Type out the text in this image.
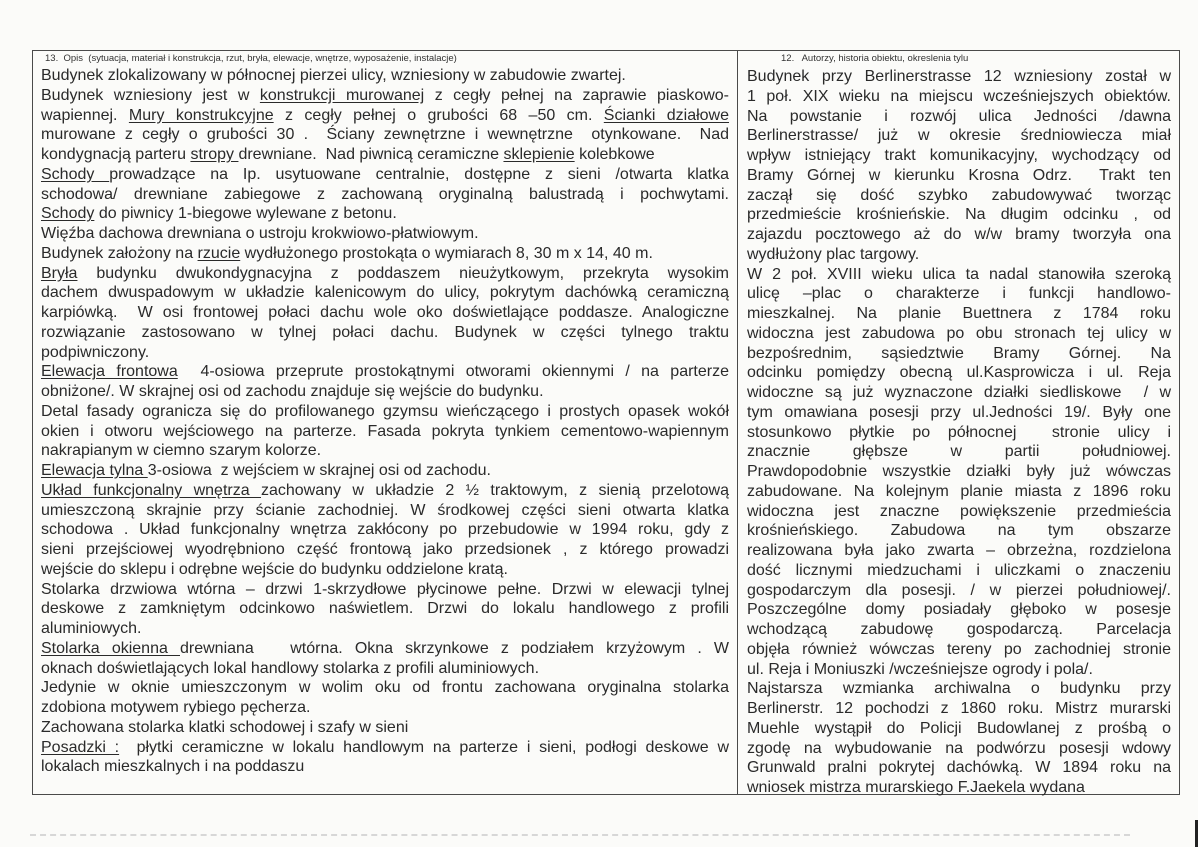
13.  Opis  (sytuacja, materiał i konstrukcja, rzut, bryła, elewacje, wnętrze, wyposażenie, instalacje)
Budynek zlokalizowany w północnej pierzei ulicy, wzniesiony w zabudowie zwartej.
Budynek wzniesiony jest w konstrukcji murowanej z cegły pełnej na zaprawie piaskowo-
wapiennej. Mury konstrukcyjne z cegły pełnej o grubości 68 –50 cm. Ścianki działowe
murowane z cegły o grubości 30 .  Ściany zewnętrzne i wewnętrzne  otynkowane.  Nad
kondygnacją parteru stropy drewniane.  Nad piwnicą ceramiczne sklepienie kolebkowe
Schody prowadzące na Ip. usytuowane centralnie, dostępne z sieni /otwarta klatka
schodowa/ drewniane zabiegowe z zachowaną oryginalną balustradą i pochwytami.
Schody do piwnicy 1-biegowe wylewane z betonu.
Więźba dachowa drewniana o ustroju krokwiowo-płatwiowym.
Budynek założony na rzucie wydłużonego prostokąta o wymiarach 8, 30 m x 14, 40 m.
Bryła budynku dwukondygnacyjna z poddaszem nieużytkowym, przekryta wysokim
dachem dwuspadowym w układzie kalenicowym do ulicy, pokrytym dachówką ceramiczną
karpiówką.  W osi frontowej połaci dachu wole oko doświetlające poddasze. Analogiczne
rozwiązanie zastosowano w tylnej połaci dachu. Budynek w części tylnego traktu
podpiwniczony.
Elewacja frontowa  4-osiowa przeprute prostokątnymi otworami okiennymi / na parterze
obniżone/. W skrajnej osi od zachodu znajduje się wejście do budynku.
Detal fasady ogranicza się do profilowanego gzymsu wieńczącego i prostych opasek wokół
okien i otworu wejściowego na parterze. Fasada pokryta tynkiem cementowo-wapiennym
nakrapianym w ciemno szarym kolorze.
Elewacja tylna 3-osiowa  z wejściem w skrajnej osi od zachodu.
Układ funkcjonalny wnętrza zachowany w układzie 2 ½ traktowym, z sienią przelotową
umieszczoną skrajnie przy ścianie zachodniej. W środkowej części sieni otwarta klatka
schodowa . Układ funkcjonalny wnętrza zakłócony po przebudowie w 1994 roku, gdy z
sieni przejściowej wyodrębniono część frontową jako przedsionek , z którego prowadzi
wejście do sklepu i odrębne wejście do budynku oddzielone kratą.
Stolarka drzwiowa wtórna – drzwi 1-skrzydłowe płycinowe pełne. Drzwi w elewacji tylnej
deskowe z zamkniętym odcinkowo naświetlem. Drzwi do lokalu handlowego z profili
aluminiowych.
Stolarka okienna drewniana   wtórna. Okna skrzynkowe z podziałem krzyżowym . W
oknach doświetlających lokal handlowy stolarka z profili aluminiowych.
Jedynie w oknie umieszczonym w wolim oku od frontu zachowana oryginalna stolarka
zdobiona motywem rybiego pęcherza.
Zachowana stolarka klatki schodowej i szafy w sieni
Posadzki :  płytki ceramiczne w lokalu handlowym na parterze i sieni, podłogi deskowe w
lokalach mieszkalnych i na poddaszu
12.   Autorzy, historia obiektu, okreslenia tylu
Budynek przy Berlinerstrasse 12 wzniesiony został w
1 poł. XIX wieku na miejscu wcześniejszych obiektów.
Na powstanie i rozwój ulica Jedności /dawna
Berlinerstrasse/ już w okresie średniowiecza miał
wpływ istniejący trakt komunikacyjny, wychodzący od
Bramy Górnej w kierunku Krosna Odrz.  Trakt ten
zaczął się dość szybko zabudowywać tworząc
przedmieście krośnieńskie. Na długim odcinku , od
zajazdu pocztowego aż do w/w bramy tworzyła ona
wydłużony plac targowy.
W 2 poł. XVIII wieku ulica ta nadal stanowiła szeroką
ulicę –plac o charakterze i funkcji handlowo-
mieszkalnej. Na planie Buettnera z 1784 roku
widoczna jest zabudowa po obu stronach tej ulicy w
bezpośrednim, sąsiedztwie Bramy Górnej. Na
odcinku pomiędzy obecną ul.Kasprowicza i ul. Reja
widoczne są już wyznaczone działki siedliskowe  / w
tym omawiana posesji przy ul.Jedności 19/. Były one
stosunkowo płytkie po północnej  stronie ulicy i
znacznie głębsze w partii południowej.
Prawdopodobnie wszystkie działki były już wówczas
zabudowane. Na kolejnym planie miasta z 1896 roku
widoczna jest znaczne powiększenie przedmieścia
krośnieńskiego. Zabudowa na tym obszarze
realizowana była jako zwarta – obrzeżna, rozdzielona
dość licznymi miedzuchami i uliczkami o znaczeniu
gospodarczym dla posesji. / w pierzei południowej/.
Poszczególne domy posiadały głęboko w posesje
wchodzącą zabudowę gospodarczą. Parcelacja
objęła również wówczas tereny po zachodniej stronie
ul. Reja i Moniuszki /wcześniejsze ogrody i pola/.
Najstarsza wzmianka archiwalna o budynku przy
Berlinerstr. 12 pochodzi z 1860 roku. Mistrz murarski
Muehle wystąpił do Policji Budowlanej z prośbą o
zgodę na wybudowanie na podwórzu posesji wdowy
Grunwald pralni pokrytej dachówką. W 1894 roku na
wniosek mistrza murarskiego F.Jaekela wydana
